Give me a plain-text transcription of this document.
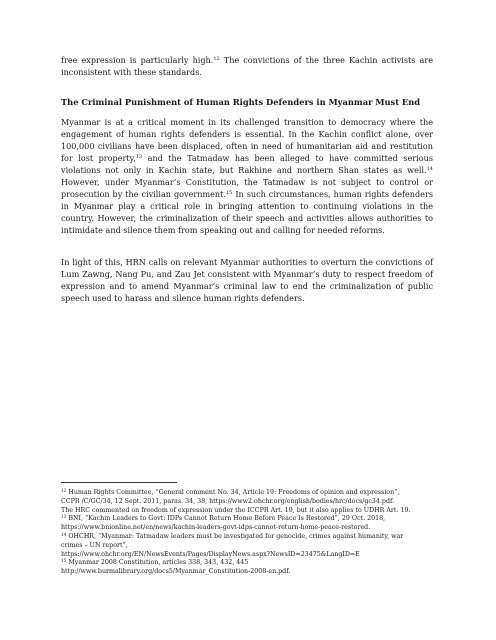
free expression is particularly high.$^{12}$ The convictions of the three Kachin activists are inconsistent with these standards.

The Criminal Punishment of Human Rights Defenders in Myanmar Must End

Myanmar is at a critical moment in its challenged transition to democracy where the engagement of human rights defenders is essential. In the Kachin conflict alone, over 100,000 civilians have been displaced, often in need of humanitarian aid and restitution for lost property,$^{13}$ and the Tatmadaw has been alleged to have committed serious violations not only in Kachin state, but Rakhine and northern Shan states as well.$^{14}$ However, under Myanmar’s Constitution, the Tatmadaw is not subject to control or prosecution by the civilian government.$^{15}$ In such circumstances, human rights defenders in Myanmar play a critical role in bringing attention to continuing violations in the country. However, the criminalization of their speech and activities allows authorities to intimidate and silence them from speaking out and calling for needed reforms.

In light of this, HRN calls on relevant Myanmar authorities to overturn the convictions of Lum Zawng, Nang Pu, and Zau Jet consistent with Myanmar’s duty to respect freedom of expression and to amend Myanmar’s criminal law to end the criminalization of public speech used to harass and silence human rights defenders.

$^{12}$ Human Rights Committee, “General comment No. 34, Article 19: Freedoms of opinion and expression”,
CCPR /C/GC/34, 12 Sept. 2011, paras. 34, 38, https://www2.ohchr.org/english/bodies/hrc/docs/gc34.pdf.
The HRC commented on freedom of expression under the ICCPR Art. 19, but it also applies to UDHR Art. 19.
$^{13}$ BNI, “Kachin Leaders to Govt: IDPs Cannot Return Home Before Peace Is Restored”, 29 Oct. 2018,
https://www.bnionline.net/en/news/kachin-leaders-govt-idps-cannot-return-home-peace-restored.
$^{14}$ OHCHR, “Myanmar: Tatmadaw leaders must be investigated for genocide, crimes against humanity, war
crimes – UN report”,
https://www.ohchr.org/EN/NewsEvents/Pages/DisplayNews.aspx?NewsID=23475&LangID=E
$^{15}$ Myanmar 2008 Constitution, articles 338, 343, 432, 445
http://www.burmalibrary.org/docs5/Myanmar_Constitution-2008-en.pdf.
